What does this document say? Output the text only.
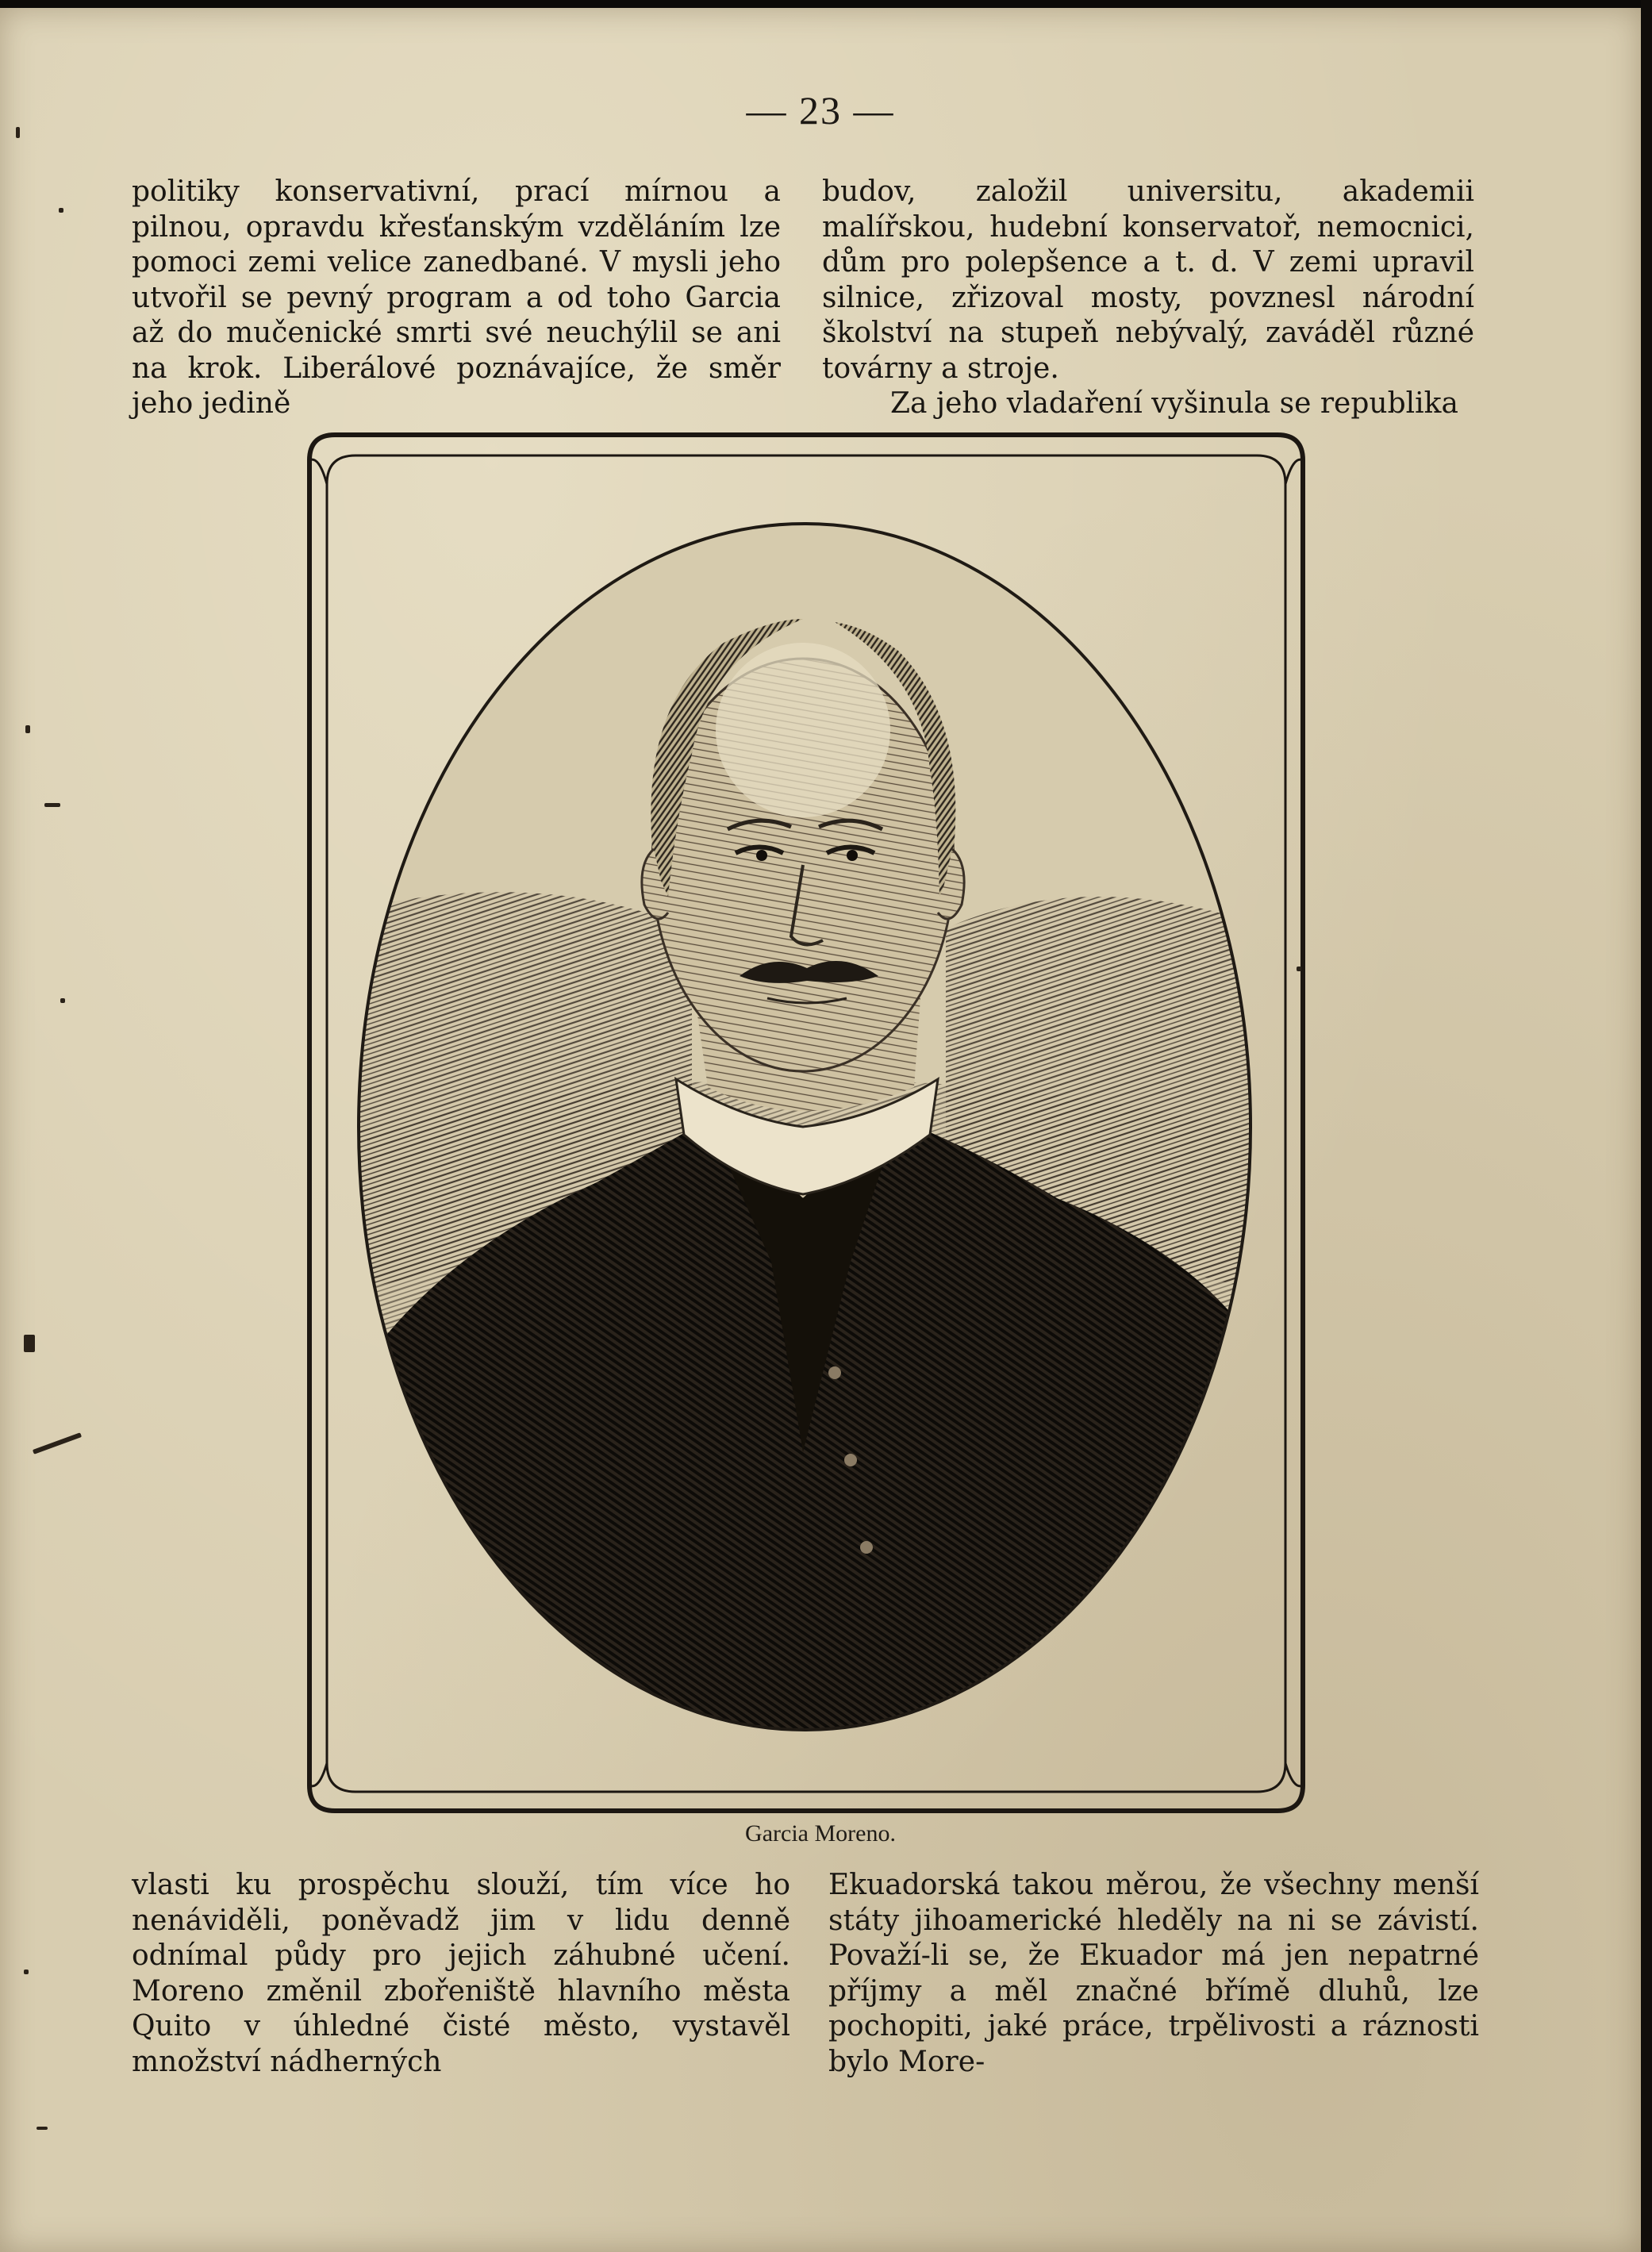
— 23 —

politiky konservativní, prací mírnou a pilnou, opravdu křesťanským vzděláním lze pomoci zemi velice zanedbané. V mysli jeho utvořil se pevný program a od toho Garcia až do mučenické smrti své neuchýlil se ani na krok. Liberálové poznávajíce, že směr jeho jedině

budov, založil universitu, akademii malířskou, hudební konservatoř, nemocnici, dům pro polepšence a t. d. V zemi upravil silnice, zřizoval mosty, povznesl národní školství na stupeň nebývalý, zaváděl různé továrny a stroje.

Za jeho vladaření vyšinula se republika

Garcia Moreno.

vlasti ku prospěchu slouží, tím více ho nenáviděli, poněvadž jim v lidu denně odnímal půdy pro jejich záhubné učení. Moreno změnil zbořeniště hlavního města Quito v úhledné čisté město, vystavěl množství nádherných

Ekuadorská takou měrou, že všechny menší státy jihoamerické hleděly na ni se závistí. Považí-li se, že Ekuador má jen nepatrné příjmy a měl značné břímě dluhů, lze pochopiti, jaké práce, trpělivosti a ráznosti bylo More-
